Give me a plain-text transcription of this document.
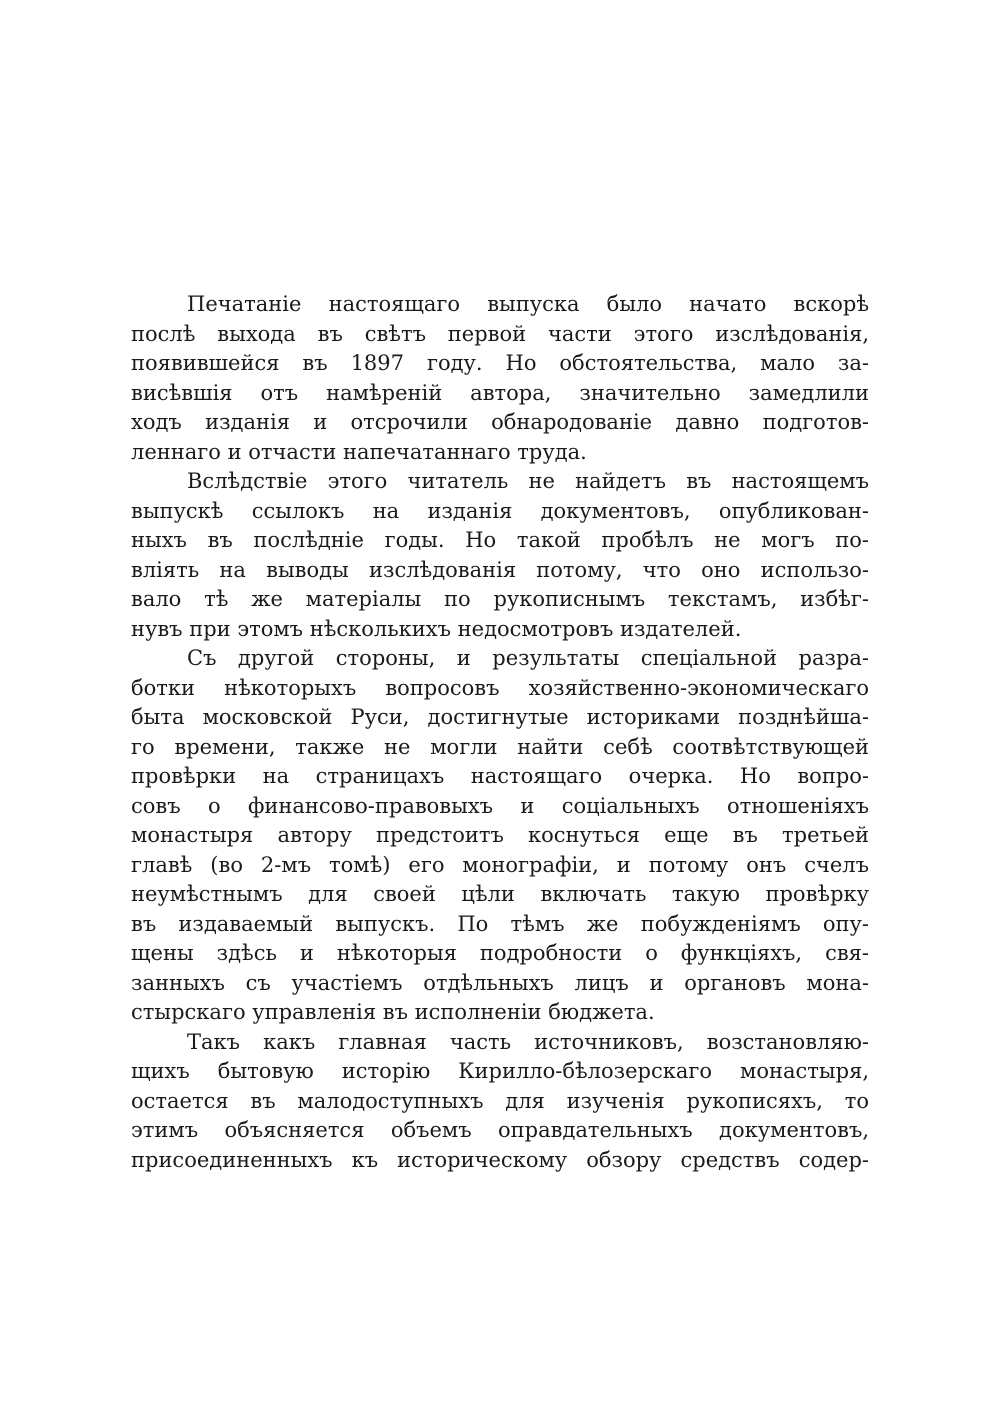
Печатаніе настоящаго выпуска было начато вскорѣ
послѣ выхода въ свѣтъ первой части этого изслѣдованія,
появившейся въ 1897 году. Но обстоятельства, мало за-
висѣвшія отъ намѣреній автора, значительно замедлили
ходъ изданія и отсрочили обнародованіе давно подготов-
леннаго и отчасти напечатаннаго труда.
Вслѣдствіе этого читатель не найдетъ въ настоящемъ
выпускѣ ссылокъ на изданія документовъ, опубликован-
ныхъ въ послѣдніе годы. Но такой пробѣлъ не могъ по-
вліять на выводы изслѣдованія потому, что оно использо-
вало тѣ же матеріалы по рукописнымъ текстамъ, избѣг-
нувъ при этомъ нѣсколькихъ недосмотровъ издателей.
Съ другой стороны, и результаты спеціальной разра-
ботки нѣкоторыхъ вопросовъ хозяйственно-экономическаго
быта московской Руси, достигнутые историками позднѣйша-
го времени, также не могли найти себѣ соотвѣтствующей
провѣрки на страницахъ настоящаго очерка. Но вопро-
совъ о финансово-правовыхъ и соціальныхъ отношеніяхъ
монастыря автору предстоитъ коснуться еще въ третьей
главѣ (во 2-мъ томѣ) его монографіи, и потому онъ счелъ
неумѣстнымъ для своей цѣли включать такую провѣрку
въ издаваемый выпускъ. По тѣмъ же побужденіямъ опу-
щены здѣсь и нѣкоторыя подробности о функціяхъ, свя-
занныхъ съ участіемъ отдѣльныхъ лицъ и органовъ мона-
стырскаго управленія въ исполненіи бюджета.
Такъ какъ главная часть источниковъ, возстановляю-
щихъ бытовую исторію Кирилло-бѣлозерскаго монастыря,
остается въ малодоступныхъ для изученія рукописяхъ, то
этимъ объясняется объемъ оправдательныхъ документовъ,
присоединенныхъ къ историческому обзору средствъ содер-
